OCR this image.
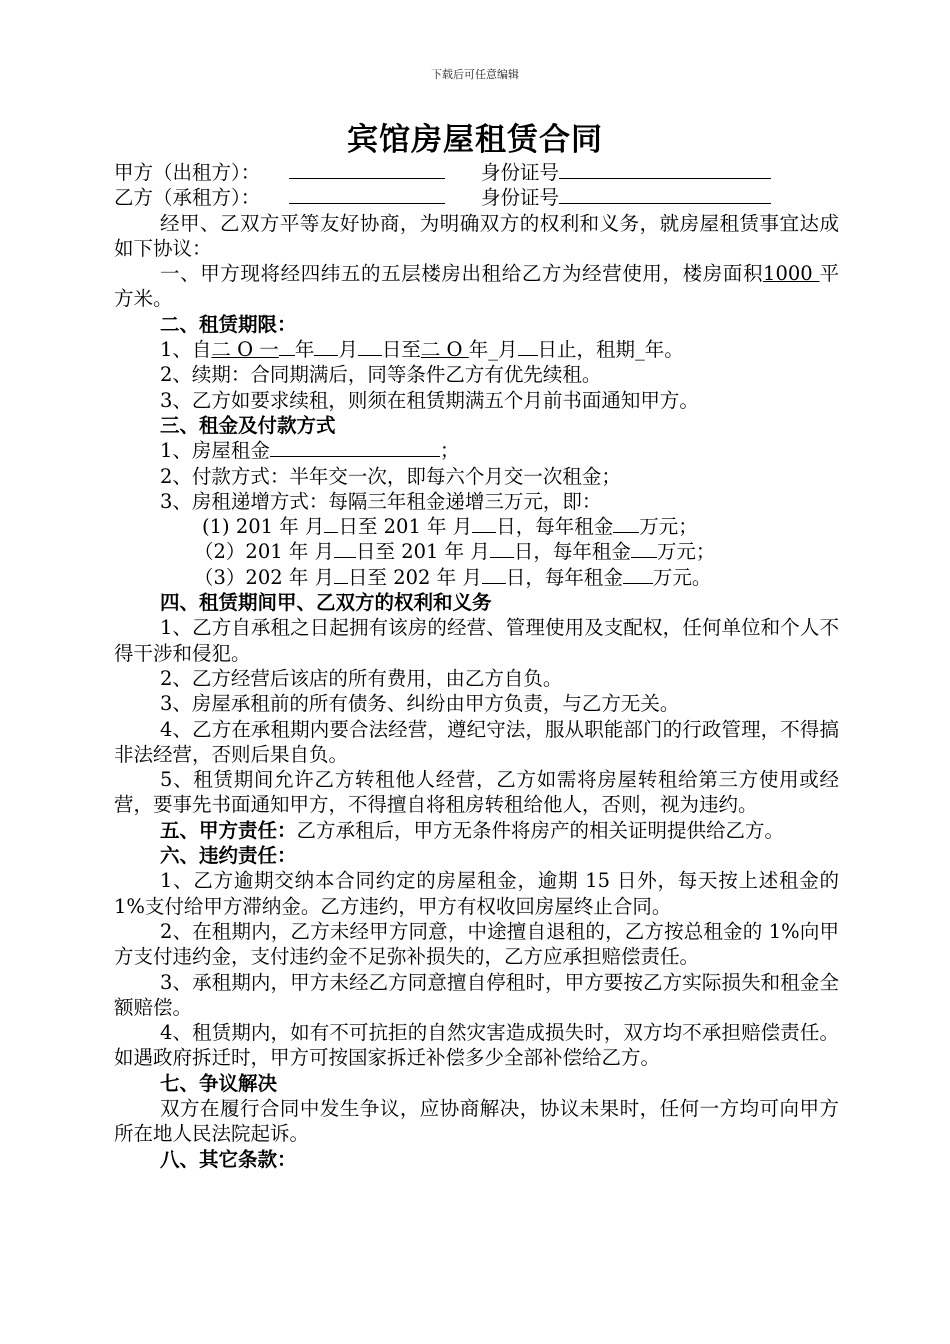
下载后可任意编辑
宾馆房屋租赁合同
甲方（出租方）：	身份证号
乙方（承租方）：	身份证号
经甲、乙双方平等友好协商，为明确双方的权利和义务，就房屋租赁事宜达成如下协议：
一、甲方现将经四纬五的五层楼房出租给乙方为经营使用，楼房面积1000 平方米。
二、租赁期限：
1、自二 O 一 年 月 日至二 O 年_月 日止，租期_年。
2、续期：合同期满后，同等条件乙方有优先续租。
3、乙方如要求续租，则须在租赁期满五个月前书面通知甲方。
三、租金及付款方式
1、房屋租金	；
2、付款方式：半年交一次，即每六个月交一次租金；
3、房租递增方式：每隔三年租金递增三万元，即：
(1) 201 年 月 日至 201 年 月 日，每年租金 万元；
（2）201 年 月 日至 201 年 月 日，每年租金 万元；
（3）202 年 月 日至 202 年 月 日，每年租金 万元。
四、租赁期间甲、乙双方的权利和义务
1、乙方自承租之日起拥有该房的经营、管理使用及支配权，任何单位和个人不得干涉和侵犯。
2、乙方经营后该店的所有费用，由乙方自负。
3、房屋承租前的所有债务、纠纷由甲方负责，与乙方无关。
4、乙方在承租期内要合法经营，遵纪守法，服从职能部门的行政管理，不得搞非法经营，否则后果自负。
5、租赁期间允许乙方转租他人经营，乙方如需将房屋转租给第三方使用或经营，要事先书面通知甲方，不得擅自将租房转租给他人，否则，视为违约。
五、甲方责任：乙方承租后，甲方无条件将房产的相关证明提供给乙方。
六、违约责任：
1、乙方逾期交纳本合同约定的房屋租金，逾期 15 日外，每天按上述租金的 1%支付给甲方滞纳金。乙方违约，甲方有权收回房屋终止合同。
2、在租期内，乙方未经甲方同意，中途擅自退租的，乙方按总租金的 1%向甲方支付违约金，支付违约金不足弥补损失的，乙方应承担赔偿责任。
3、承租期内，甲方未经乙方同意擅自停租时，甲方要按乙方实际损失和租金全额赔偿。
4、租赁期内，如有不可抗拒的自然灾害造成损失时，双方均不承担赔偿责任。如遇政府拆迁时，甲方可按国家拆迁补偿多少全部补偿给乙方。
七、争议解决
双方在履行合同中发生争议，应协商解决，协议未果时，任何一方均可向甲方所在地人民法院起诉。
八、其它条款：
